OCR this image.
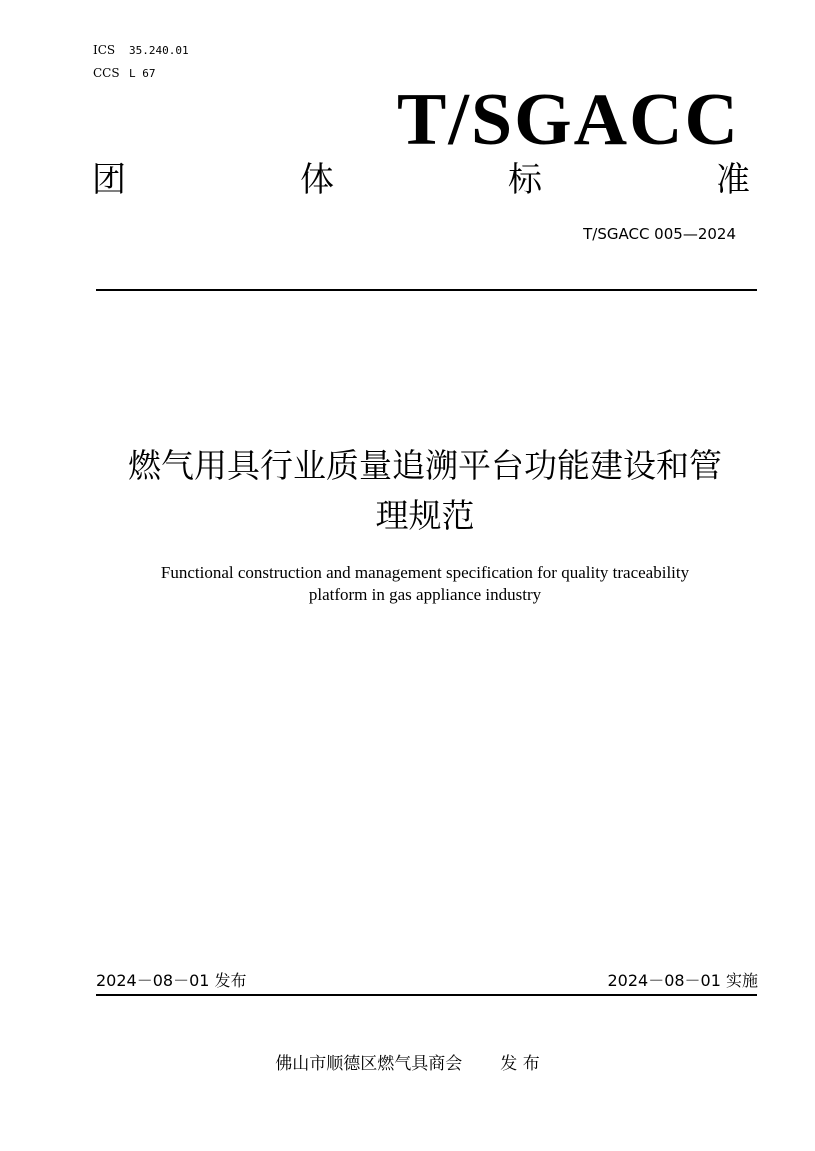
ICS 35.240.01
CCS L 67
T/SGACC
团	体	标	准
T/SGACC 005—2024
燃气用具行业质量追溯平台功能建设和管
理规范
Functional construction and management specification for quality traceability
platform in gas appliance industry
2024－08－01 发布	2024－08－01 实施
佛山市顺德区燃气具商会 发 布
